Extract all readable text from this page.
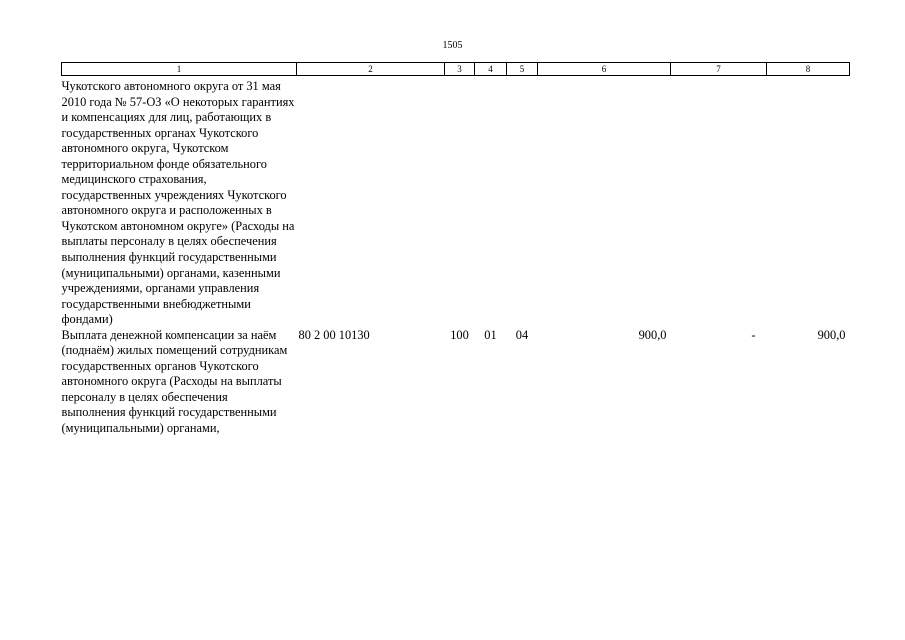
1505
1	2	3	4	5	6	7	8
Чукотского автономного округа от 31 мая 2010 года № 57-ОЗ «О некоторых гарантиях и компенсациях для лиц, работающих в государственных органах Чукотского автономного округа, Чукотском территориальном фонде обязательного медицинского страхования, государственных учреждениях Чукотского автономного округа и расположенных в Чукотском автономном округе» (Расходы на выплаты персоналу в целях обеспечения выполнения функций государственными (муниципальными) органами, казенными учреждениями, органами управления государственными внебюджетными фондами)							
Выплата денежной компенсации за наём (поднаём) жилых помещений сотрудникам государственных органов Чукотского автономного округа (Расходы на выплаты персоналу в целях обеспечения выполнения функций государственными (муниципальными) органами,	80 2 00 10130	100	01	04	900,0	-	900,0
